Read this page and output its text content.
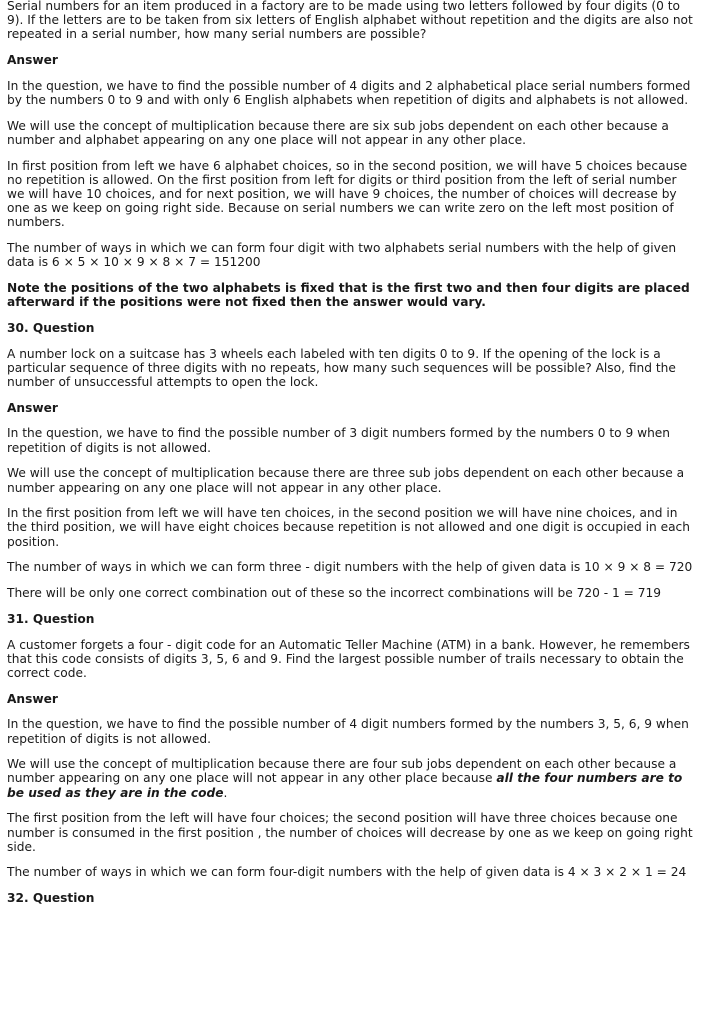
Serial numbers for an item produced in a factory are to be made using two letters followed by four digits (0 to 9). If the letters are to be taken from six letters of English alphabet without repetition and the digits are also not repeated in a serial number, how many serial numbers are possible?
Answer
In the question, we have to find the possible number of 4 digits and 2 alphabetical place serial numbers formed by the numbers 0 to 9 and with only 6 English alphabets when repetition of digits and alphabets is not allowed.
We will use the concept of multiplication because there are six sub jobs dependent on each other because a number and alphabet appearing on any one place will not appear in any other place.
In first position from left we have 6 alphabet choices, so in the second position, we will have 5 choices because no repetition is allowed. On the first position from left for digits or third position from the left of serial number we will have 10 choices, and for next position, we will have 9 choices, the number of choices will decrease by one as we keep on going right side. Because on serial numbers we can write zero on the left most position of numbers.
The number of ways in which we can form four digit with two alphabets serial numbers with the help of given data is 6 × 5 × 10 × 9 × 8 × 7 = 151200
Note the positions of the two alphabets is fixed that is the first two and then four digits are placed afterward if the positions were not fixed then the answer would vary.
30. Question
A number lock on a suitcase has 3 wheels each labeled with ten digits 0 to 9. If the opening of the lock is a particular sequence of three digits with no repeats, how many such sequences will be possible? Also, find the number of unsuccessful attempts to open the lock.
Answer
In the question, we have to find the possible number of 3 digit numbers formed by the numbers 0 to 9 when repetition of digits is not allowed.
We will use the concept of multiplication because there are three sub jobs dependent on each other because a number appearing on any one place will not appear in any other place.
In the first position from left we will have ten choices, in the second position we will have nine choices, and in the third position, we will have eight choices because repetition is not allowed and one digit is occupied in each position.
The number of ways in which we can form three - digit numbers with the help of given data is 10 × 9 × 8 = 720
There will be only one correct combination out of these so the incorrect combinations will be 720 - 1 = 719
31. Question
A customer forgets a four - digit code for an Automatic Teller Machine (ATM) in a bank. However, he remembers that this code consists of digits 3, 5, 6 and 9. Find the largest possible number of trails necessary to obtain the correct code.
Answer
In the question, we have to find the possible number of 4 digit numbers formed by the numbers 3, 5, 6, 9 when repetition of digits is not allowed.
We will use the concept of multiplication because there are four sub jobs dependent on each other because a number appearing on any one place will not appear in any other place because all the four numbers are to be used as they are in the code.
The first position from the left will have four choices; the second position will have three choices because one number is consumed in the first position , the number of choices will decrease by one as we keep on going right side.
The number of ways in which we can form four-digit numbers with the help of given data is 4 × 3 × 2 × 1 = 24
32. Question
